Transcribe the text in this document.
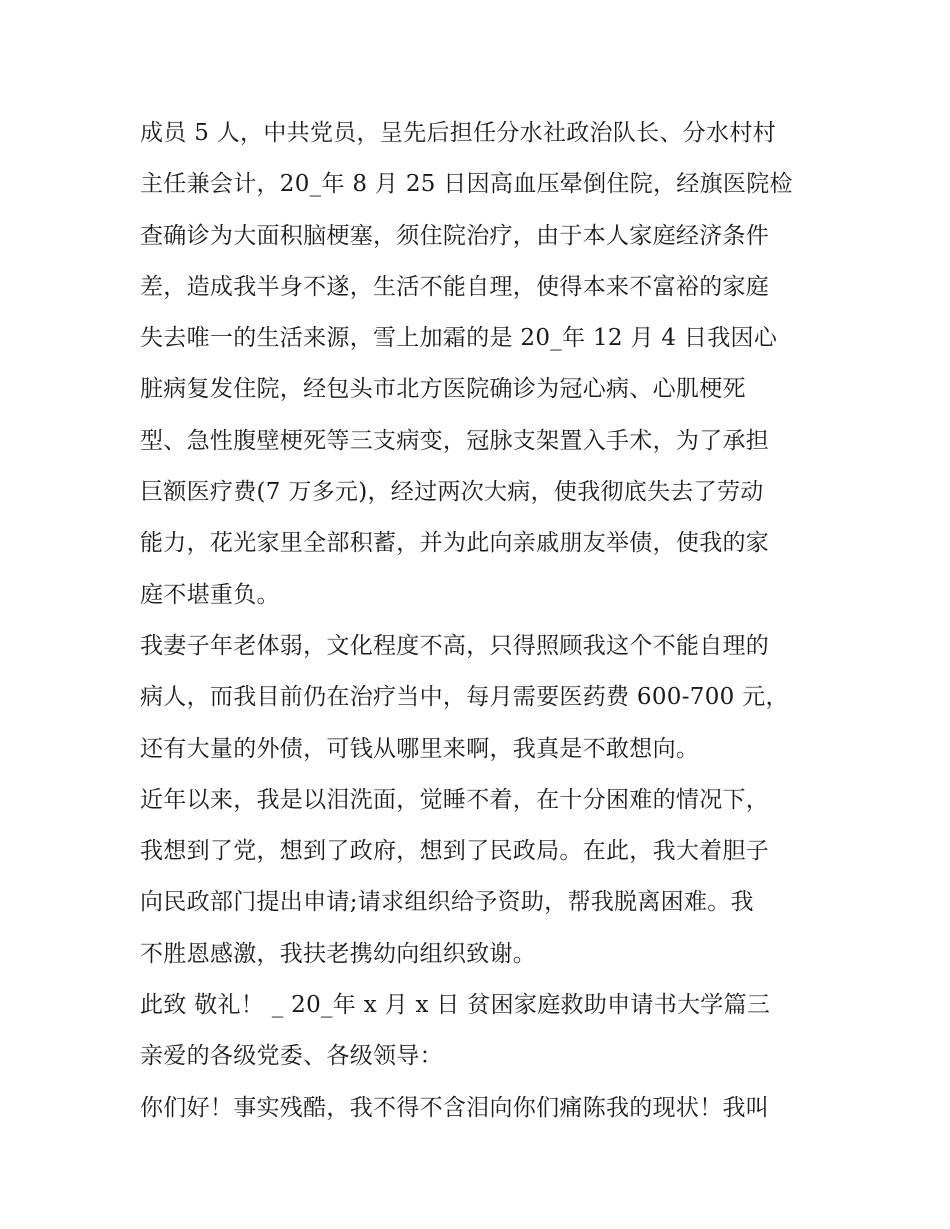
成员 5 人，中共党员，呈先后担任分水社政治队长、分水村村
主任兼会计，20_年 8 月 25 日因高血压晕倒住院，经旗医院检
查确诊为大面积脑梗塞，须住院治疗，由于本人家庭经济条件
差，造成我半身不遂，生活不能自理，使得本来不富裕的家庭
失去唯一的生活来源，雪上加霜的是 20_年 12 月 4 日我因心
脏病复发住院，经包头市北方医院确诊为冠心病、心肌梗死
型、急性腹壁梗死等三支病变，冠脉支架置入手术，为了承担
巨额医疗费(7 万多元)，经过两次大病，使我彻底失去了劳动
能力，花光家里全部积蓄，并为此向亲戚朋友举债，使我的家
庭不堪重负。
我妻子年老体弱，文化程度不高，只得照顾我这个不能自理的
病人，而我目前仍在治疗当中，每月需要医药费 600-700 元，
还有大量的外债，可钱从哪里来啊，我真是不敢想向。
近年以来，我是以泪洗面，觉睡不着，在十分困难的情况下，
我想到了党，想到了政府，想到了民政局。在此，我大着胆子
向民政部门提出申请;请求组织给予资助，帮我脱离困难。我
不胜恩感激，我扶老携幼向组织致谢。
此致 敬礼！ _ 20_年 x 月 x 日 贫困家庭救助申请书大学篇三
亲爱的各级党委、各级领导：
你们好！事实残酷，我不得不含泪向你们痛陈我的现状！我叫
